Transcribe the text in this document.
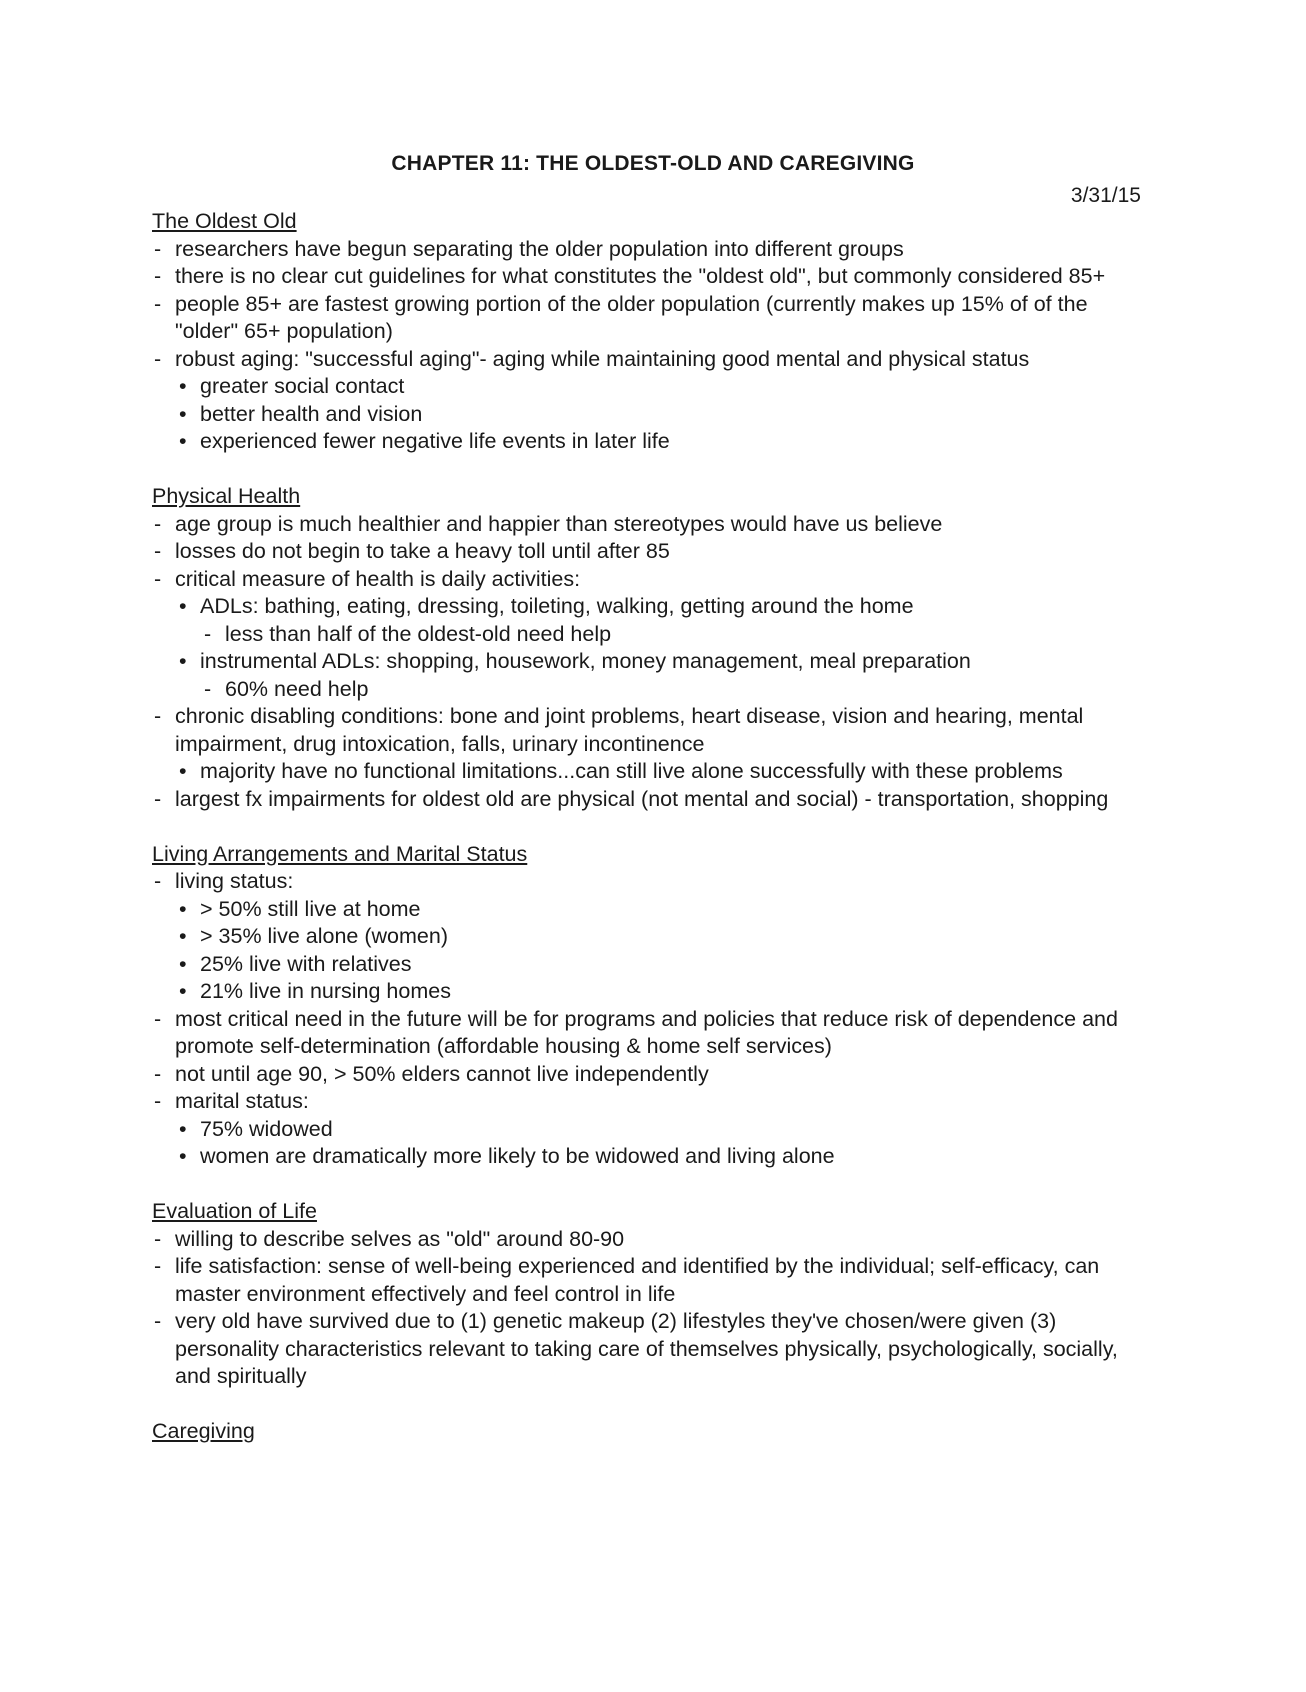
CHAPTER 11: THE OLDEST-OLD AND CAREGIVING
3/31/15
The Oldest Old
- researchers have begun separating the older population into different groups
- there is no clear cut guidelines for what constitutes the "oldest old", but commonly considered 85+
- people 85+ are fastest growing portion of the older population (currently makes up 15% of of the "older" 65+ population)
- robust aging: "successful aging"- aging while maintaining good mental and physical status
• greater social contact
• better health and vision
• experienced fewer negative life events in later life
Physical Health
- age group is much healthier and happier than stereotypes would have us believe
- losses do not begin to take a heavy toll until after 85
- critical measure of health is daily activities:
• ADLs: bathing, eating, dressing, toileting, walking, getting around the home
- less than half of the oldest-old need help
• instrumental ADLs: shopping, housework, money management, meal preparation
- 60% need help
- chronic disabling conditions: bone and joint problems, heart disease, vision and hearing, mental impairment, drug intoxication, falls, urinary incontinence
• majority have no functional limitations...can still live alone successfully with these problems
- largest fx impairments for oldest old are physical (not mental and social) - transportation, shopping
Living Arrangements and Marital Status
- living status:
• > 50% still live at home
• > 35% live alone (women)
• 25% live with relatives
• 21% live in nursing homes
- most critical need in the future will be for programs and policies that reduce risk of dependence and promote self-determination (affordable housing & home self services)
- not until age 90, > 50% elders cannot live independently
- marital status:
• 75% widowed
• women are dramatically more likely to be widowed and living alone
Evaluation of Life
- willing to describe selves as "old" around 80-90
- life satisfaction: sense of well-being experienced and identified by the individual; self-efficacy, can master environment effectively and feel control in life
- very old have survived due to (1) genetic makeup (2) lifestyles they've chosen/were given (3) personality characteristics relevant to taking care of themselves physically, psychologically, socially, and spiritually
Caregiving
